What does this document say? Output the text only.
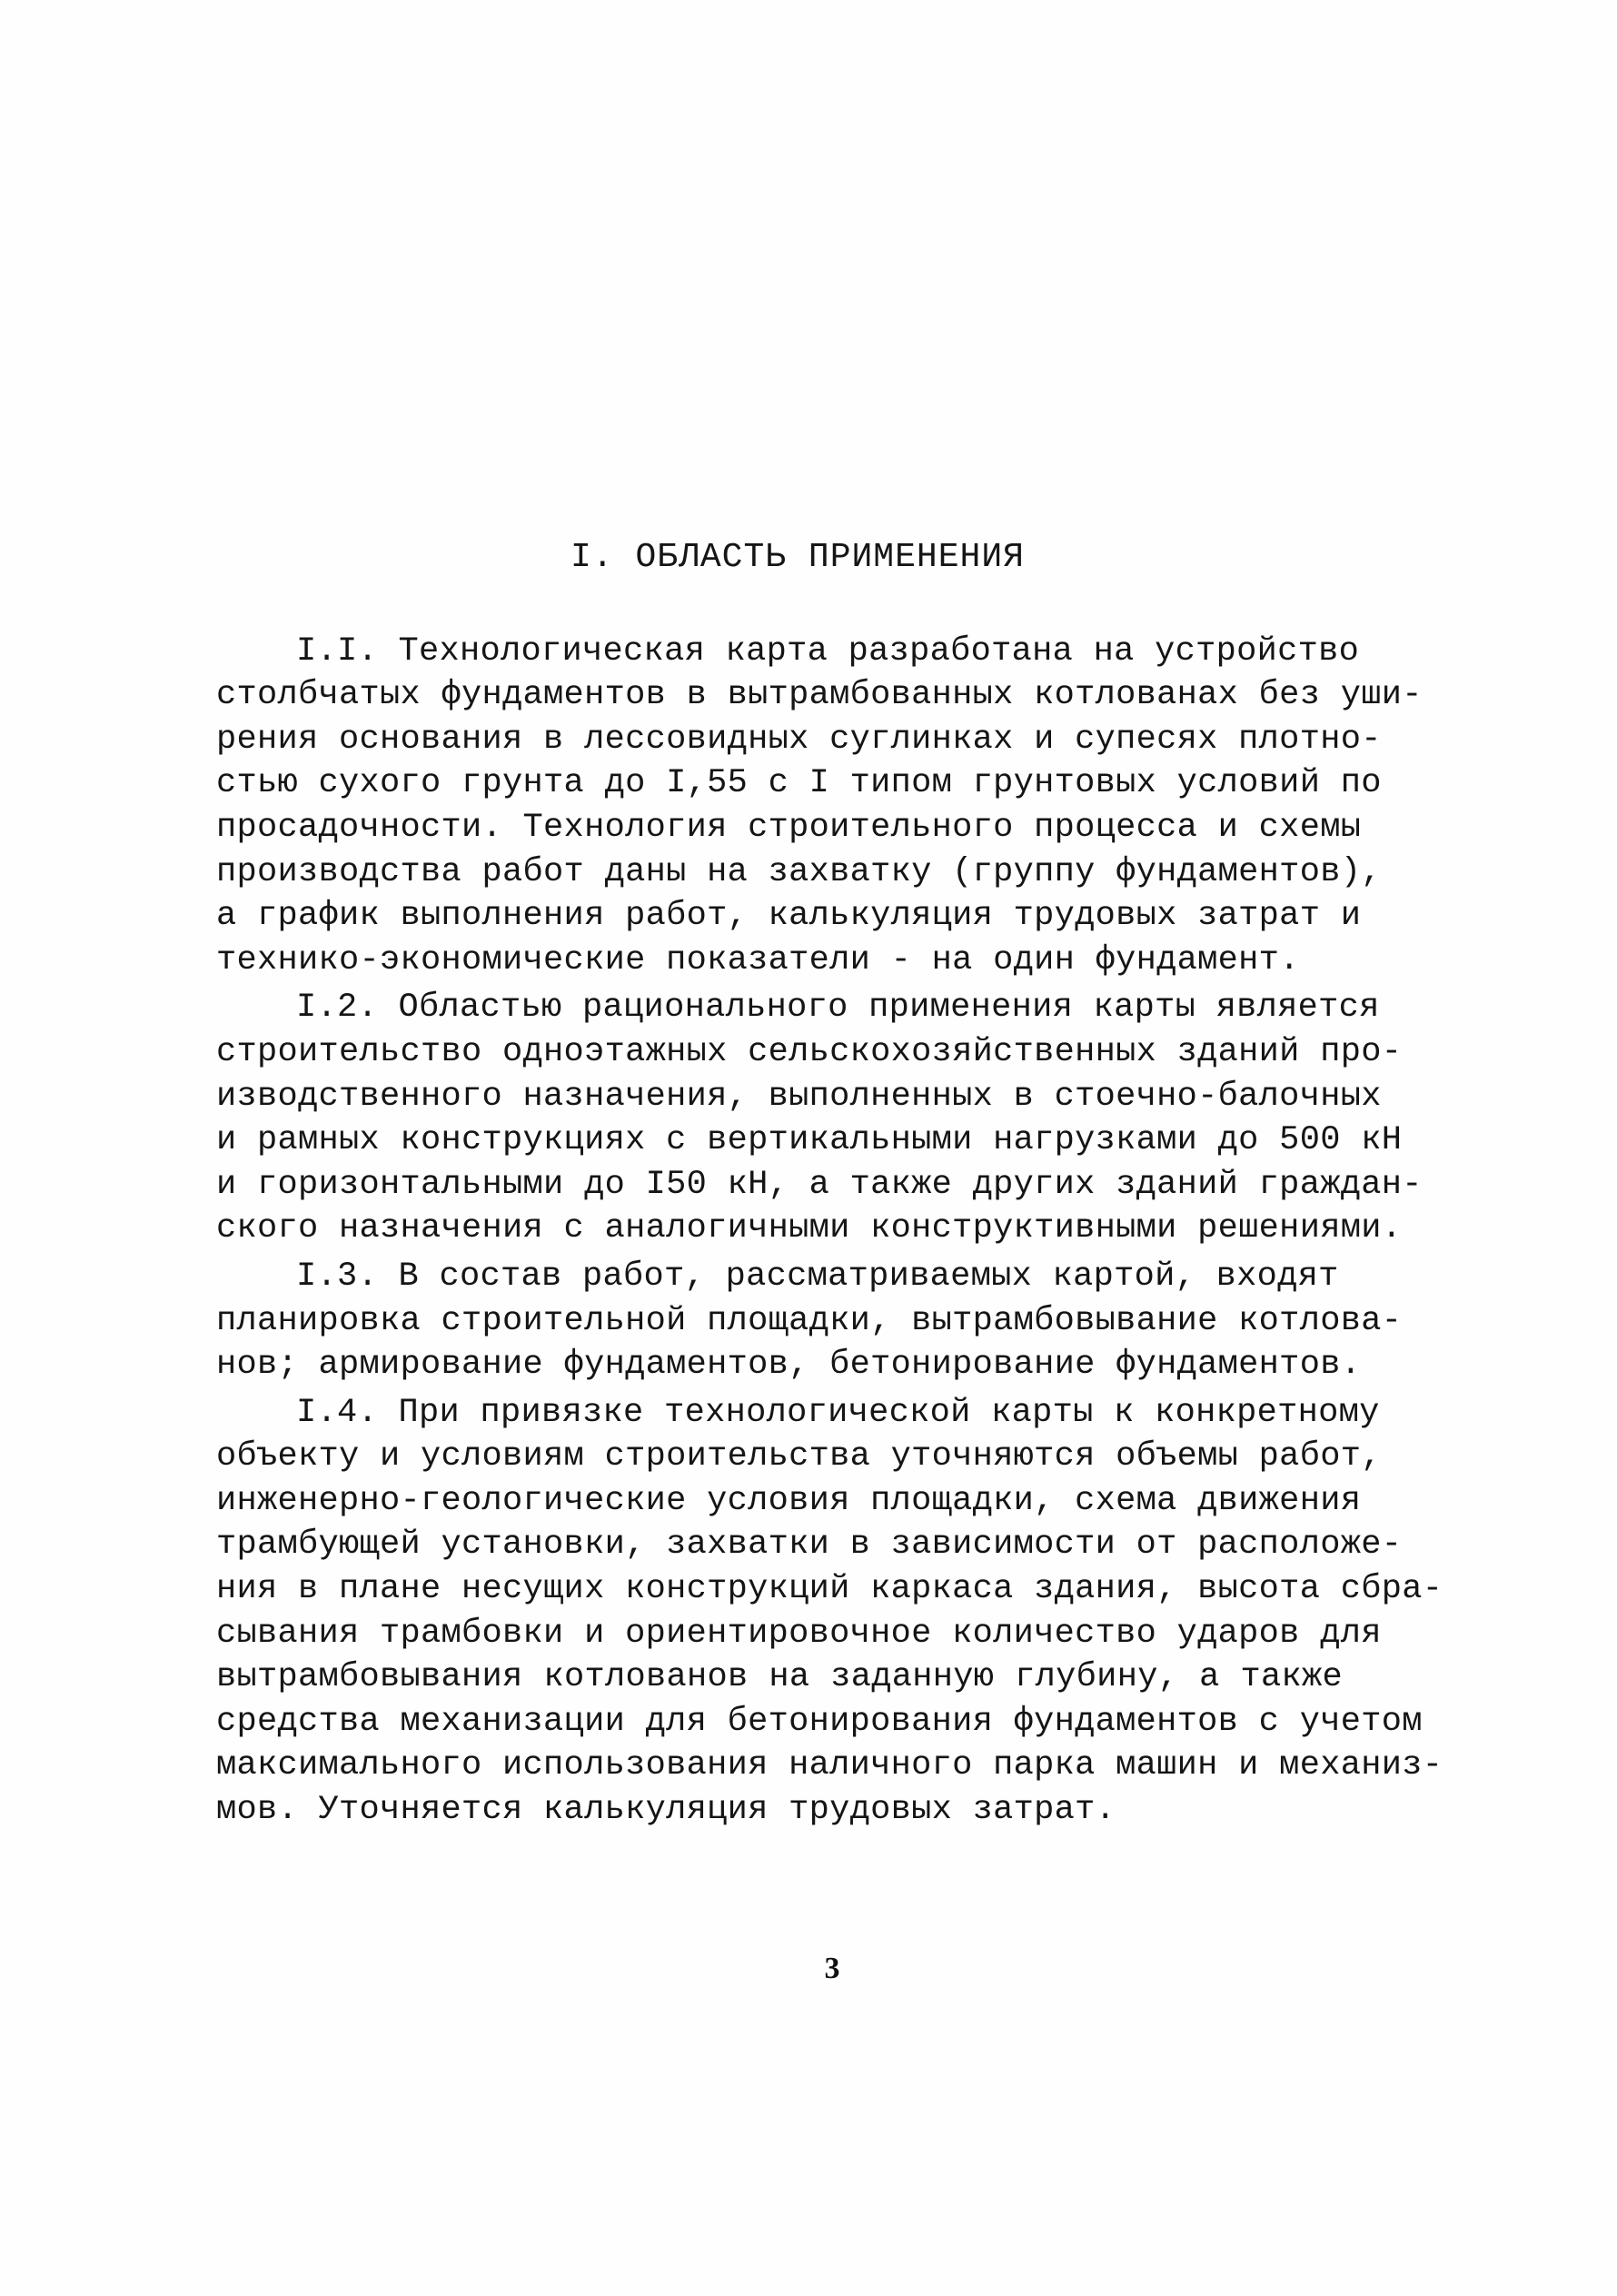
I. ОБЛАСТЬ ПРИМЕНЕНИЯ
I.I. Технологическая карта разработана на устройство
столбчатых фундаментов в вытрамбованных котлованах без уши-
рения основания в лессовидных суглинках и супесях плотно-
стью сухого грунта до I,55 с I типом грунтовых условий по
просадочности. Технология строительного процесса и схемы
производства работ даны на захватку (группу фундаментов),
а график выполнения работ, калькуляция трудовых затрат и
технико-экономические показатели - на один фундамент.
I.2. Областью рационального применения карты является
строительство одноэтажных сельскохозяйственных зданий про-
изводственного назначения, выполненных в стоечно-балочных
и рамных конструкциях с вертикальными нагрузками до 500 кН
и горизонтальными до I50 кН, а также других зданий граждан-
ского назначения с аналогичными конструктивными решениями.
I.3. В состав работ, рассматриваемых картой, входят
планировка строительной площадки, вытрамбовывание котлова-
нов; армирование фундаментов, бетонирование фундаментов.
I.4. При привязке технологической карты к конкретному
объекту и условиям строительства уточняются объемы работ,
инженерно-геологические условия площадки, схема движения
трамбующей установки, захватки в зависимости от расположе-
ния в плане несущих конструкций каркаса здания, высота сбра-
сывания трамбовки и ориентировочное количество ударов для
вытрамбовывания котлованов на заданную глубину, а также
средства механизации для бетонирования фундаментов с учетом
максимального использования наличного парка машин и механиз-
мов. Уточняется калькуляция трудовых затрат.
3
